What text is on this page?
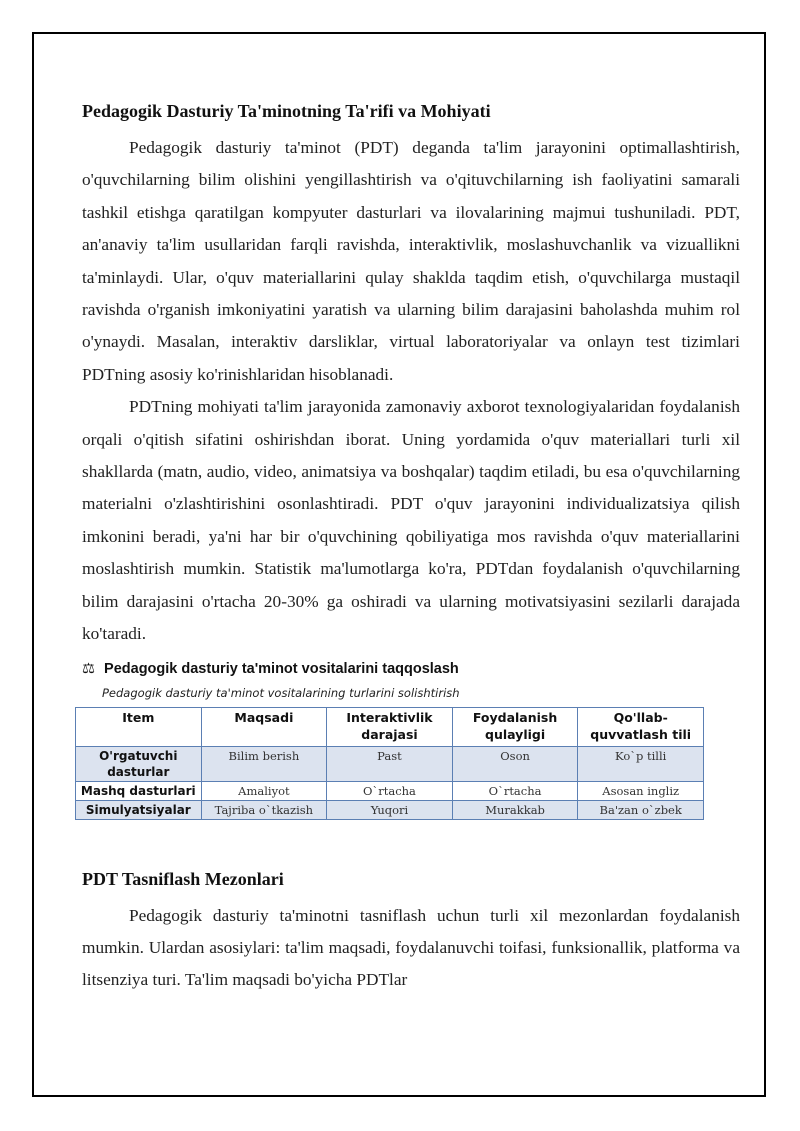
Pedagogik Dasturiy Ta'minotning Ta'rifi va Mohiyati

Pedagogik dasturiy ta'minot (PDT) deganda ta'lim jarayonini optimallashtirish, o'quvchilarning bilim olishini yengillashtirish va o'qituvchilarning ish faoliyatini samarali tashkil etishga qaratilgan kompyuter dasturlari va ilovalarining majmui tushuniladi. PDT, an'anaviy ta'lim usullaridan farqli ravishda, interaktivlik, moslashuvchanlik va vizuallikni ta'minlaydi. Ular, o'quv materiallarini qulay shaklda taqdim etish, o'quvchilarga mustaqil ravishda o'rganish imkoniyatini yaratish va ularning bilim darajasini baholashda muhim rol o'ynaydi. Masalan, interaktiv darsliklar, virtual laboratoriyalar va onlayn test tizimlari PDTning asosiy ko'rinishlaridan hisoblanadi.

PDTning mohiyati ta'lim jarayonida zamonaviy axborot texnologiyalaridan foydalanish orqali o'qitish sifatini oshirishdan iborat. Uning yordamida o'quv materiallari turli xil shakllarda (matn, audio, video, animatsiya va boshqalar) taqdim etiladi, bu esa o'quvchilarning materialni o'zlashtirishini osonlashtiradi. PDT o'quv jarayonini individualizatsiya qilish imkonini beradi, ya'ni har bir o'quvchining qobiliyatiga mos ravishda o'quv materiallarini moslashtirish mumkin. Statistik ma'lumotlarga ko'ra, PDTdan foydalanish o'quvchilarning bilim darajasini o'rtacha 20-30% ga oshiradi va ularning motivatsiyasini sezilarli darajada ko'taradi.

⚖ Pedagogik dasturiy ta'minot vositalarini taqqoslash
Pedagogik dasturiy ta'minot vositalarining turlarini solishtirish
Item	Maqsadi	Interaktivlik darajasi	Foydalanish qulayligi	Qo'llab-quvvatlash tili
O'rgatuvchi dasturlar	Bilim berish	Past	Oson	Ko`p tilli
Mashq dasturlari	Amaliyot	O`rtacha	O`rtacha	Asosan ingliz
Simulyatsiyalar	Tajriba o`tkazish	Yuqori	Murakkab	Ba'zan o`zbek
PDT Tasniflash Mezonlari

Pedagogik dasturiy ta'minotni tasniflash uchun turli xil mezonlardan foydalanish mumkin. Ulardan asosiylari: ta'lim maqsadi, foydalanuvchi toifasi, funksionallik, platforma va litsenziya turi. Ta'lim maqsadi bo'yicha PDTlar
